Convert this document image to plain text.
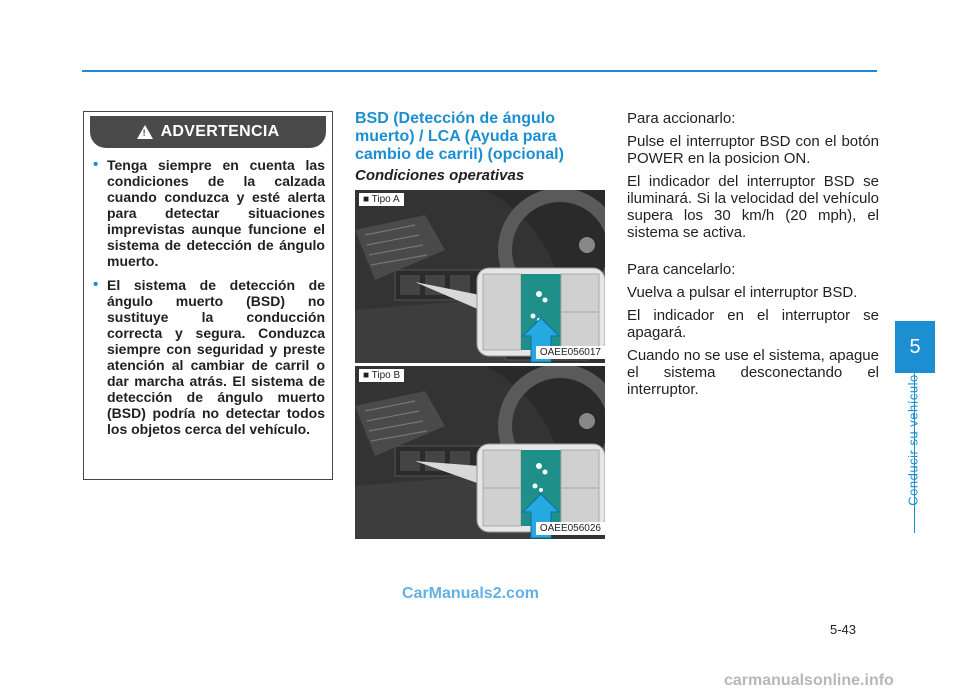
5
Conducir su vehículo
!
ADVERTENCIA
• Tenga siempre en cuenta las condiciones de la calzada cuando conduzca y esté alerta para detectar situaciones imprevistas aunque funcione el sistema de detección de ángulo muerto.
• El sistema de detección de ángulo muerto (BSD) no sustituye la conducción correcta y segura. Conduzca siempre con seguridad y preste atención al cambiar de carril o dar marcha atrás. El sistema de detección de ángulo muerto (BSD) podría no detectar todos los objetos cerca del vehículo.
BSD (Detección de ángulo muerto) / LCA (Ayuda para cambio de carril) (opcional)
Condiciones operativas
■ Tipo A
OAEE056017
■ Tipo B
OAEE056026

Para accionarlo:

Pulse el interruptor BSD con el botón POWER en la posicion ON.

El indicador del interruptor BSD se iluminará. Si la velocidad del vehículo supera los 30 km/h (20 mph), el sistema se activa.

Para cancelarlo:

Vuelva a pulsar el interruptor BSD.

El indicador en el interruptor se apagará.

Cuando no se use el sistema, apague el sistema desconectando el interruptor.

CarManuals2.com
5-43
carmanualsonline.info
